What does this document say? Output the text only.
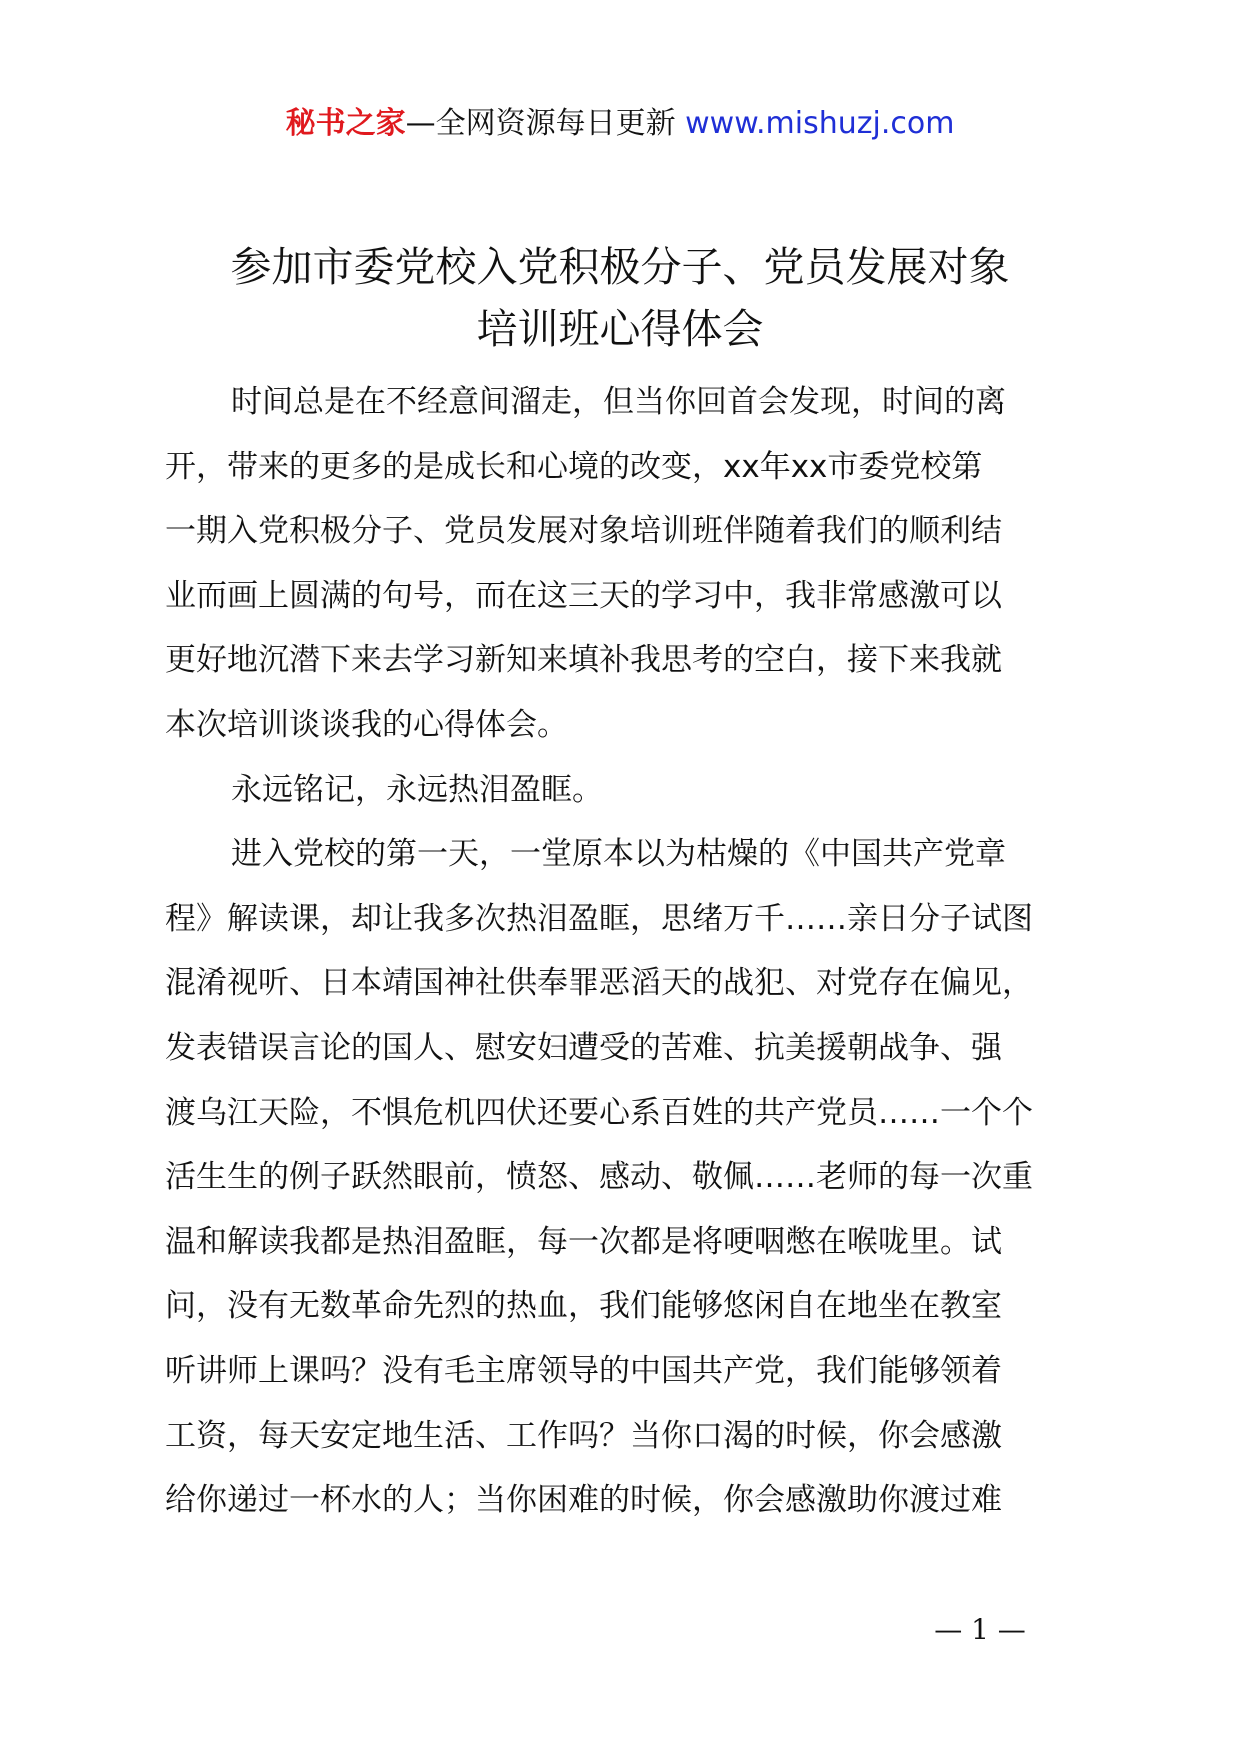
秘书之家—全网资源每日更新 www.mishuzj.com
参加市委党校入党积极分子、党员发展对象
培训班心得体会

时间总是在不经意间溜走，但当你回首会发现，时间的离
开，带来的更多的是成长和心境的改变，xx年xx市委党校第
一期入党积极分子、党员发展对象培训班伴随着我们的顺利结
业而画上圆满的句号，而在这三天的学习中，我非常感激可以
更好地沉潜下来去学习新知来填补我思考的空白，接下来我就
本次培训谈谈我的心得体会。

永远铭记，永远热泪盈眶。

进入党校的第一天，一堂原本以为枯燥的《中国共产党章
程》解读课，却让我多次热泪盈眶，思绪万千……亲日分子试图
混淆视听、日本靖国神社供奉罪恶滔天的战犯、对党存在偏见，
发表错误言论的国人、慰安妇遭受的苦难、抗美援朝战争、强
渡乌江天险，不惧危机四伏还要心系百姓的共产党员……一个个
活生生的例子跃然眼前，愤怒、感动、敬佩……老师的每一次重
温和解读我都是热泪盈眶，每一次都是将哽咽憋在喉咙里。试
问，没有无数革命先烈的热血，我们能够悠闲自在地坐在教室
听讲师上课吗？没有毛主席领导的中国共产党，我们能够领着
工资，每天安定地生活、工作吗？当你口渴的时候，你会感激
给你递过一杯水的人；当你困难的时候，你会感激助你渡过难

— 1 —
